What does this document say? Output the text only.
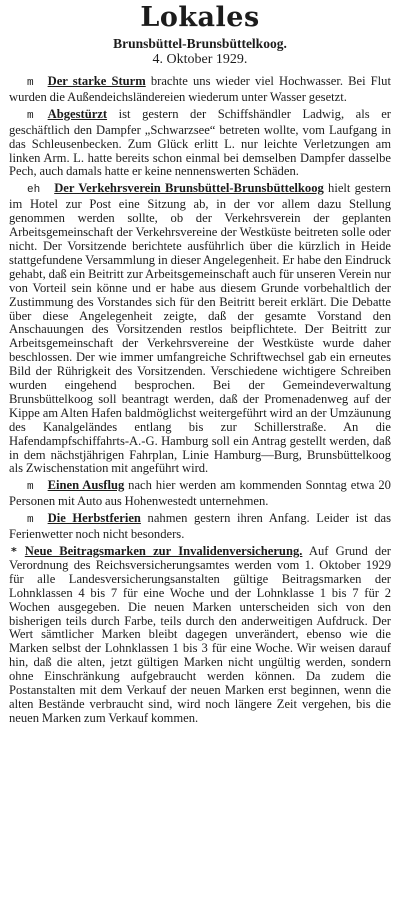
Lokales
Brunsbüttel-Brunsbüttelkoog.
4. Oktober 1929.

m Der starke Sturm brachte uns wieder viel Hochwasser. Bei Flut wurden die Außendeichsländereien wiederum unter Wasser gesetzt.

m Abgestürzt ist gestern der Schiffshändler Ladwig, als er geschäftlich den Dampfer „Schwarzsee“ betreten wollte, vom Laufgang in das Schleusenbecken. Zum Glück erlitt L. nur leichte Verletzungen am linken Arm. L. hatte bereits schon einmal bei demselben Dampfer dasselbe Pech, auch damals hatte er keine nennenswerten Schäden.

eh Der Verkehrsverein Brunsbüttel-Brunsbüttelkoog hielt gestern im Hotel zur Post eine Sitzung ab, in der vor allem dazu Stellung genommen werden sollte, ob der Verkehrsverein der geplanten Arbeitsgemeinschaft der Verkehrsvereine der Westküste beitreten solle oder nicht. Der Vorsitzende berichtete ausführlich über die kürzlich in Heide stattgefundene Versammlung in dieser Angelegenheit. Er habe den Eindruck gehabt, daß ein Beitritt zur Arbeitsgemeinschaft auch für unseren Verein nur von Vorteil sein könne und er habe aus diesem Grunde vorbehaltlich der Zustimmung des Vorstandes sich für den Beitritt bereit erklärt. Die Debatte über diese Angelegenheit zeigte, daß der gesamte Vorstand den Anschauungen des Vorsitzenden restlos beipflichtete. Der Beitritt zur Arbeitsgemeinschaft der Verkehrsvereine der Westküste wurde daher beschlossen. Der wie immer umfangreiche Schriftwechsel gab ein erneutes Bild der Rührigkeit des Vorsitzenden. Verschiedene wichtigere Schreiben wurden eingehend besprochen. Bei der Gemeindeverwaltung Brunsbüttelkoog soll beantragt werden, daß der Promenadenweg auf der Kippe am Alten Hafen baldmöglichst weitergeführt wird an der Umzäunung des Kanalgeländes entlang bis zur Schillerstraße. An die Hafendampfschiffahrts-A.-G. Hamburg soll ein Antrag gestellt werden, daß in dem nächstjährigen Fahrplan, Linie Hamburg—Burg, Brunsbüttelkoog als Zwischenstation mit angeführt wird.

m Einen Ausflug nach hier werden am kommenden Sonntag etwa 20 Personen mit Auto aus Hohenwestedt unternehmen.

m Die Herbstferien nahmen gestern ihren Anfang. Leider ist das Ferienwetter noch nicht besonders.

* Neue Beitragsmarken zur Invalidenversicherung. Auf Grund der Verordnung des Reichsversicherungsamtes werden vom 1. Oktober 1929 für alle Landesversicherungsanstalten gültige Beitragsmarken der Lohnklassen 4 bis 7 für eine Woche und der Lohnklasse 1 bis 7 für 2 Wochen ausgegeben. Die neuen Marken unterscheiden sich von den bisherigen teils durch Farbe, teils durch den anderweitigen Aufdruck. Der Wert sämtlicher Marken bleibt dagegen unverändert, ebenso wie die Marken selbst der Lohnklassen 1 bis 3 für eine Woche. Wir weisen darauf hin, daß die alten, jetzt gültigen Marken nicht ungültig werden, sondern ohne Einschränkung aufgebraucht werden können. Da zudem die Postanstalten mit dem Verkauf der neuen Marken erst beginnen, wenn die alten Bestände verbraucht sind, wird noch längere Zeit vergehen, bis die neuen Marken zum Verkauf kommen.
